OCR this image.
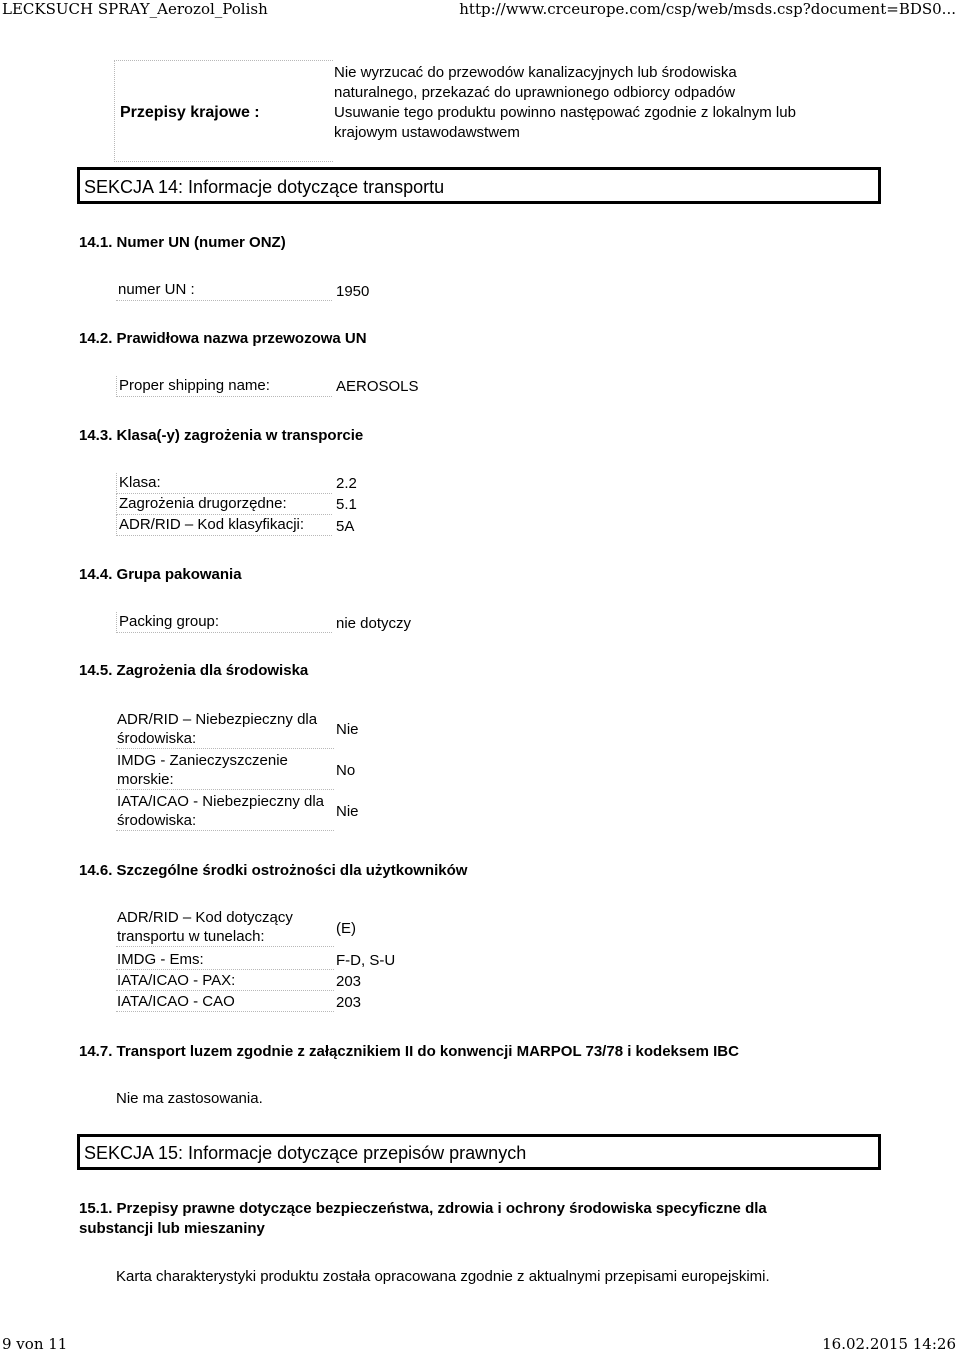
LECKSUCH SPRAY_Aerozol_Polish	http://www.crceurope.com/csp/web/msds.csp?document=BDS0...
Przepisy krajowe :
Nie wyrzucać do przewodów kanalizacyjnych lub środowiska
naturalnego, przekazać do uprawnionego odbiorcy odpadów
Usuwanie tego produktu powinno następować zgodnie z lokalnym lub
krajowym ustawodawstwem
SEKCJA 14: Informacje dotyczące transportu
14.1. Numer UN (numer ONZ)
numer UN :	1950
14.2. Prawidłowa nazwa przewozowa UN
Proper shipping name:	AEROSOLS
14.3. Klasa(-y) zagrożenia w transporcie
Klasa:	2.2
Zagrożenia drugorzędne:	5.1
ADR/RID – Kod klasyfikacji:	5A
14.4. Grupa pakowania
Packing group:	nie dotyczy
14.5. Zagrożenia dla środowiska
ADR/RID – Niebezpieczny dla środowiska:
Nie
IMDG - Zanieczyszczenie morskie:
No
IATA/ICAO - Niebezpieczny dla środowiska:
Nie
14.6. Szczególne środki ostrożności dla użytkowników
ADR/RID – Kod dotyczący transportu w tunelach:	(E)
IMDG - Ems:	F-D, S-U
IATA/ICAO - PAX:	203
IATA/ICAO - CAO	203
14.7. Transport luzem zgodnie z załącznikiem II do konwencji MARPOL 73/78 i kodeksem IBC
Nie ma zastosowania.
SEKCJA 15: Informacje dotyczące przepisów prawnych
15.1. Przepisy prawne dotyczące bezpieczeństwa, zdrowia i ochrony środowiska specyficzne dla
substancji lub mieszaniny
Karta charakterystyki produktu została opracowana zgodnie z aktualnymi przepisami europejskimi.
9 von 11	16.02.2015 14:26
